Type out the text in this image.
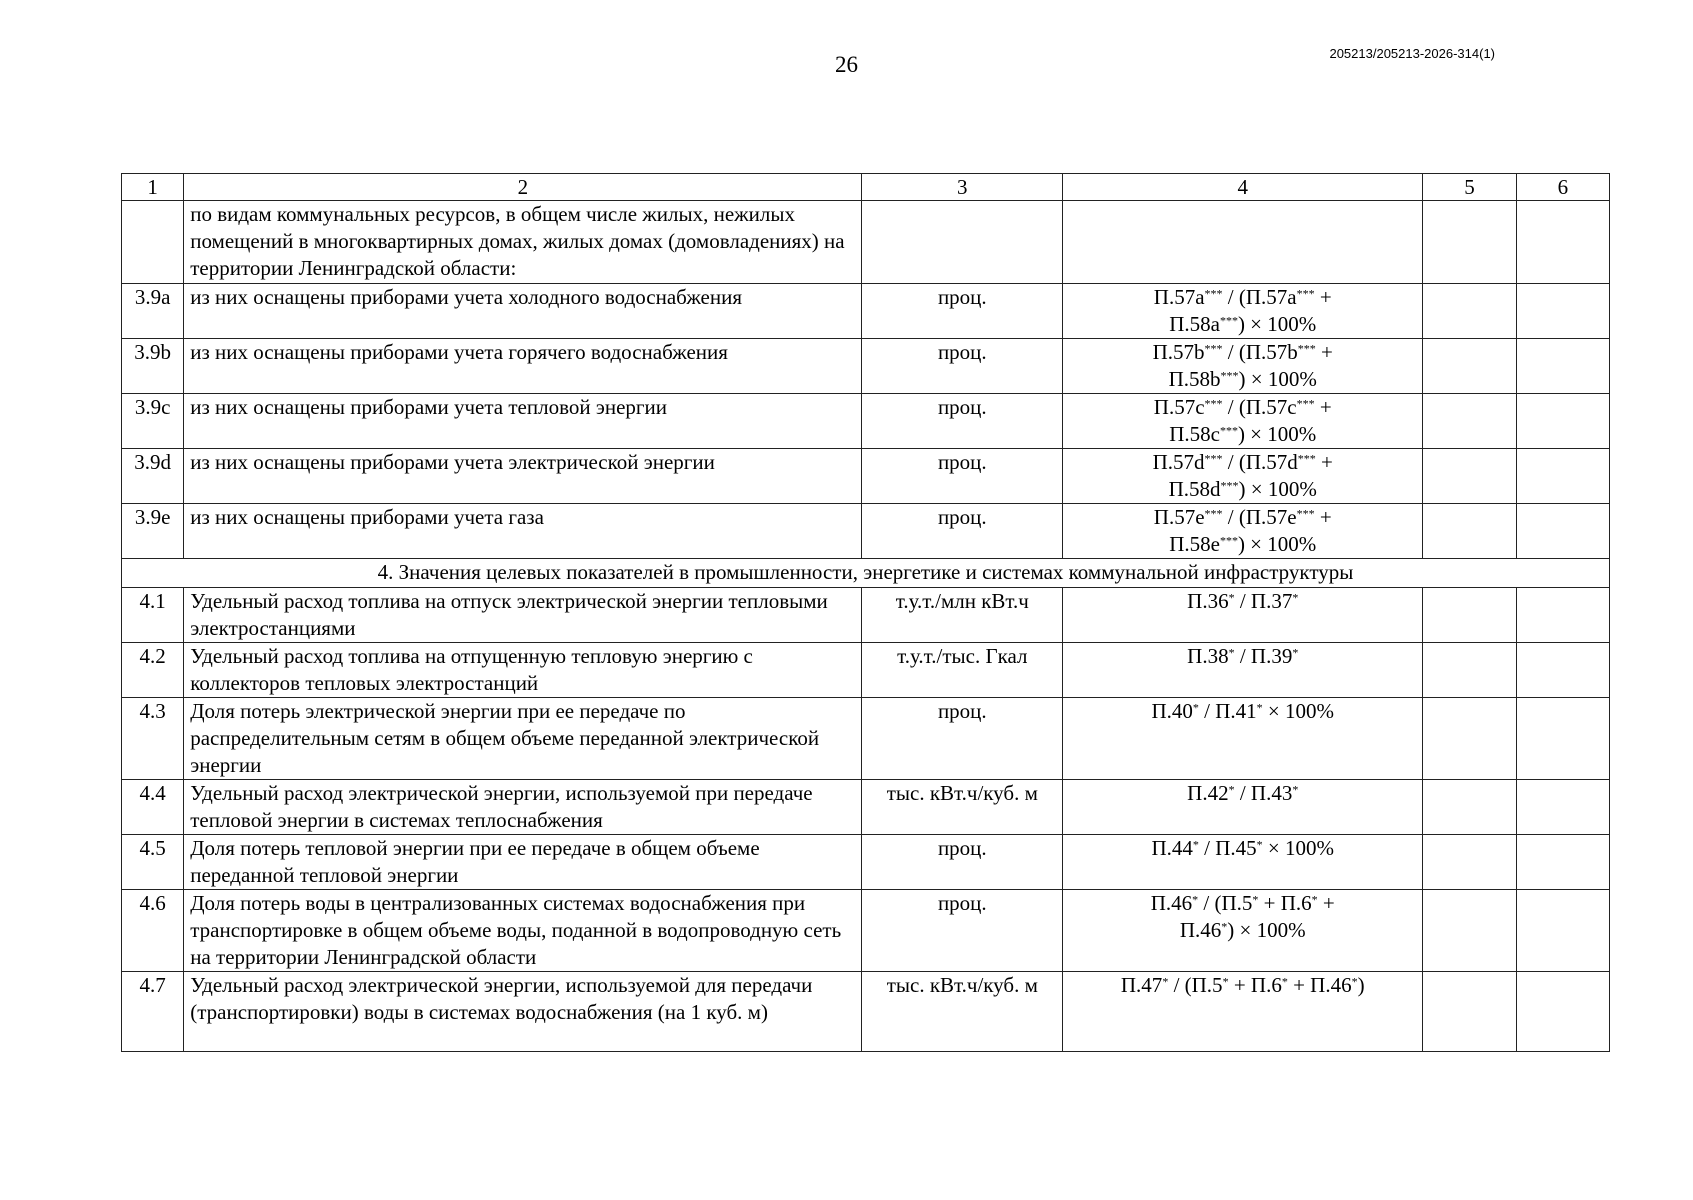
26	205213/205213-2026-314(1)
1	2	3	4	5	6
	по видам коммунальных ресурсов, в общем числе жилых, нежилых помещений в многоквартирных домах, жилых домах (домовладениях) на территории Ленинградской области:				
3.9a	из них оснащены приборами учета холодного водоснабжения	проц.	П.57a*** / (П.57a*** +
П.58a***) × 100%		
3.9b	из них оснащены приборами учета горячего водоснабжения	проц.	П.57b*** / (П.57b*** +
П.58b***) × 100%		
3.9c	из них оснащены приборами учета тепловой энергии	проц.	П.57c*** / (П.57c*** +
П.58c***) × 100%		
3.9d	из них оснащены приборами учета электрической энергии	проц.	П.57d*** / (П.57d*** +
П.58d***) × 100%		
3.9e	из них оснащены приборами учета газа	проц.	П.57e*** / (П.57e*** +
П.58e***) × 100%		
4. Значения целевых показателей в промышленности, энергетике и системах коммунальной инфраструктуры					
4.1	Удельный расход топлива на отпуск электрической энергии тепловыми электростанциями	т.у.т./млн кВт.ч	П.36* / П.37*		
4.2	Удельный расход топлива на отпущенную тепловую энергию с коллекторов тепловых электростанций	т.у.т./тыс. Гкал	П.38* / П.39*		
4.3	Доля потерь электрической энергии при ее передаче по распределительным сетям в общем объеме переданной электрической энергии	проц.	П.40* / П.41* × 100%		
4.4	Удельный расход электрической энергии, используемой при передаче тепловой энергии в системах теплоснабжения	тыс. кВт.ч/куб. м	П.42* / П.43*		
4.5	Доля потерь тепловой энергии при ее передаче в общем объеме переданной тепловой энергии	проц.	П.44* / П.45* × 100%		
4.6	Доля потерь воды в централизованных системах водоснабжения при транспортировке в общем объеме воды, поданной в водопроводную сеть на территории Ленинградской области	проц.	П.46* / (П.5* + П.6* +
П.46*) × 100%		
4.7	Удельный расход электрической энергии, используемой для передачи (транспортировки) воды в системах водоснабжения (на 1 куб. м)	тыс. кВт.ч/куб. м	П.47* / (П.5* + П.6* + П.46*)		
